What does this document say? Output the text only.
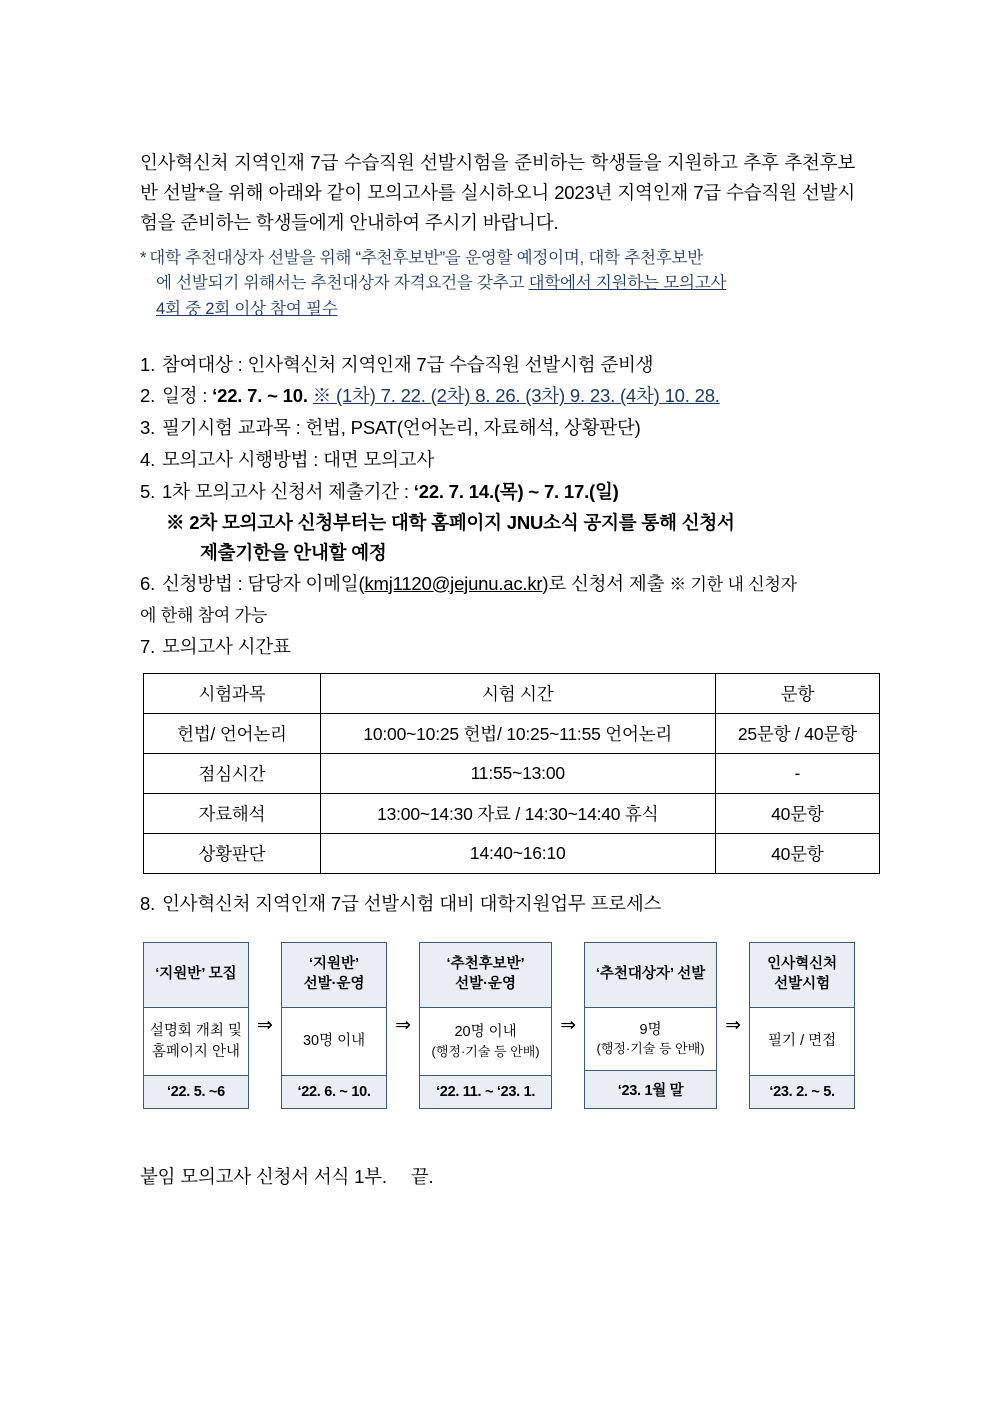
인사혁신처 지역인재 7급 수습직원 선발시험을 준비하는 학생들을 지원하고 추후 추천후보반 선발*을 위해 아래와 같이 모의고사를 실시하오니 2023년 지역인재 7급 수습직원 선발시험을 준비하는 학생들에게 안내하여 주시기 바랍니다.

* 대학 추천대상자 선발을 위해 “추천후보반”을 운영할 예정이며, 대학 추천후보반
에 선발되기 위해서는 추천대상자 자격요건을 갖추고 대학에서 지원하는 모의고사
4회 중 2회 이상 참여 필수
1. 참여대상 : 인사혁신처 지역인재 7급 수습직원 선발시험 준비생
2. 일정 : ‘22. 7. ~ 10. ※ (1차) 7. 22. (2차) 8. 26. (3차) 9. 23. (4차) 10. 28.
3. 필기시험 교과목 : 헌법, PSAT(언어논리, 자료해석, 상황판단)
4. 모의고사 시행방법 : 대면 모의고사
5. 1차 모의고사 신청서 제출기간 : ‘22. 7. 14.(목) ~ 7. 17.(일)
※ 2차 모의고사 신청부터는 대학 홈페이지 JNU소식 공지를 통해 신청서
제출기한을 안내할 예정
6. 신청방법 : 담당자 이메일(kmj1120@jejunu.ac.kr)로 신청서 제출 ※ 기한 내 신청자
에 한해 참여 가능
7. 모의고사 시간표
시험과목	시험 시간	문항
헌법/ 언어논리	10:00~10:25 헌법/ 10:25~11:55 언어논리	25문항 / 40문항
점심시간	11:55~13:00	-
자료해석	13:00~14:30 자료 / 14:30~14:40 휴식	40문항
상황판단	14:40~16:10	40문항
8. 인사혁신처 지역인재 7급 선발시험 대비 대학지원업무 프로세스
‘지원반’ 모집
설명회 개최 및
홈페이지 안내
‘22. 5. ~6
⇒
‘지원반’
선발·운영
30명 이내
‘22. 6. ~ 10.
⇒
‘추천후보반’
선발·운영
20명 이내
(행정·기술 등 안배)
‘22. 11. ~ ‘23. 1.
⇒
‘추천대상자’ 선발
9명
(행정·기술 등 안배)
‘23. 1월 말
⇒
인사혁신처
선발시험
필기 / 면접
‘23. 2. ~ 5.
붙임 모의고사 신청서 서식 1부. 끝.
